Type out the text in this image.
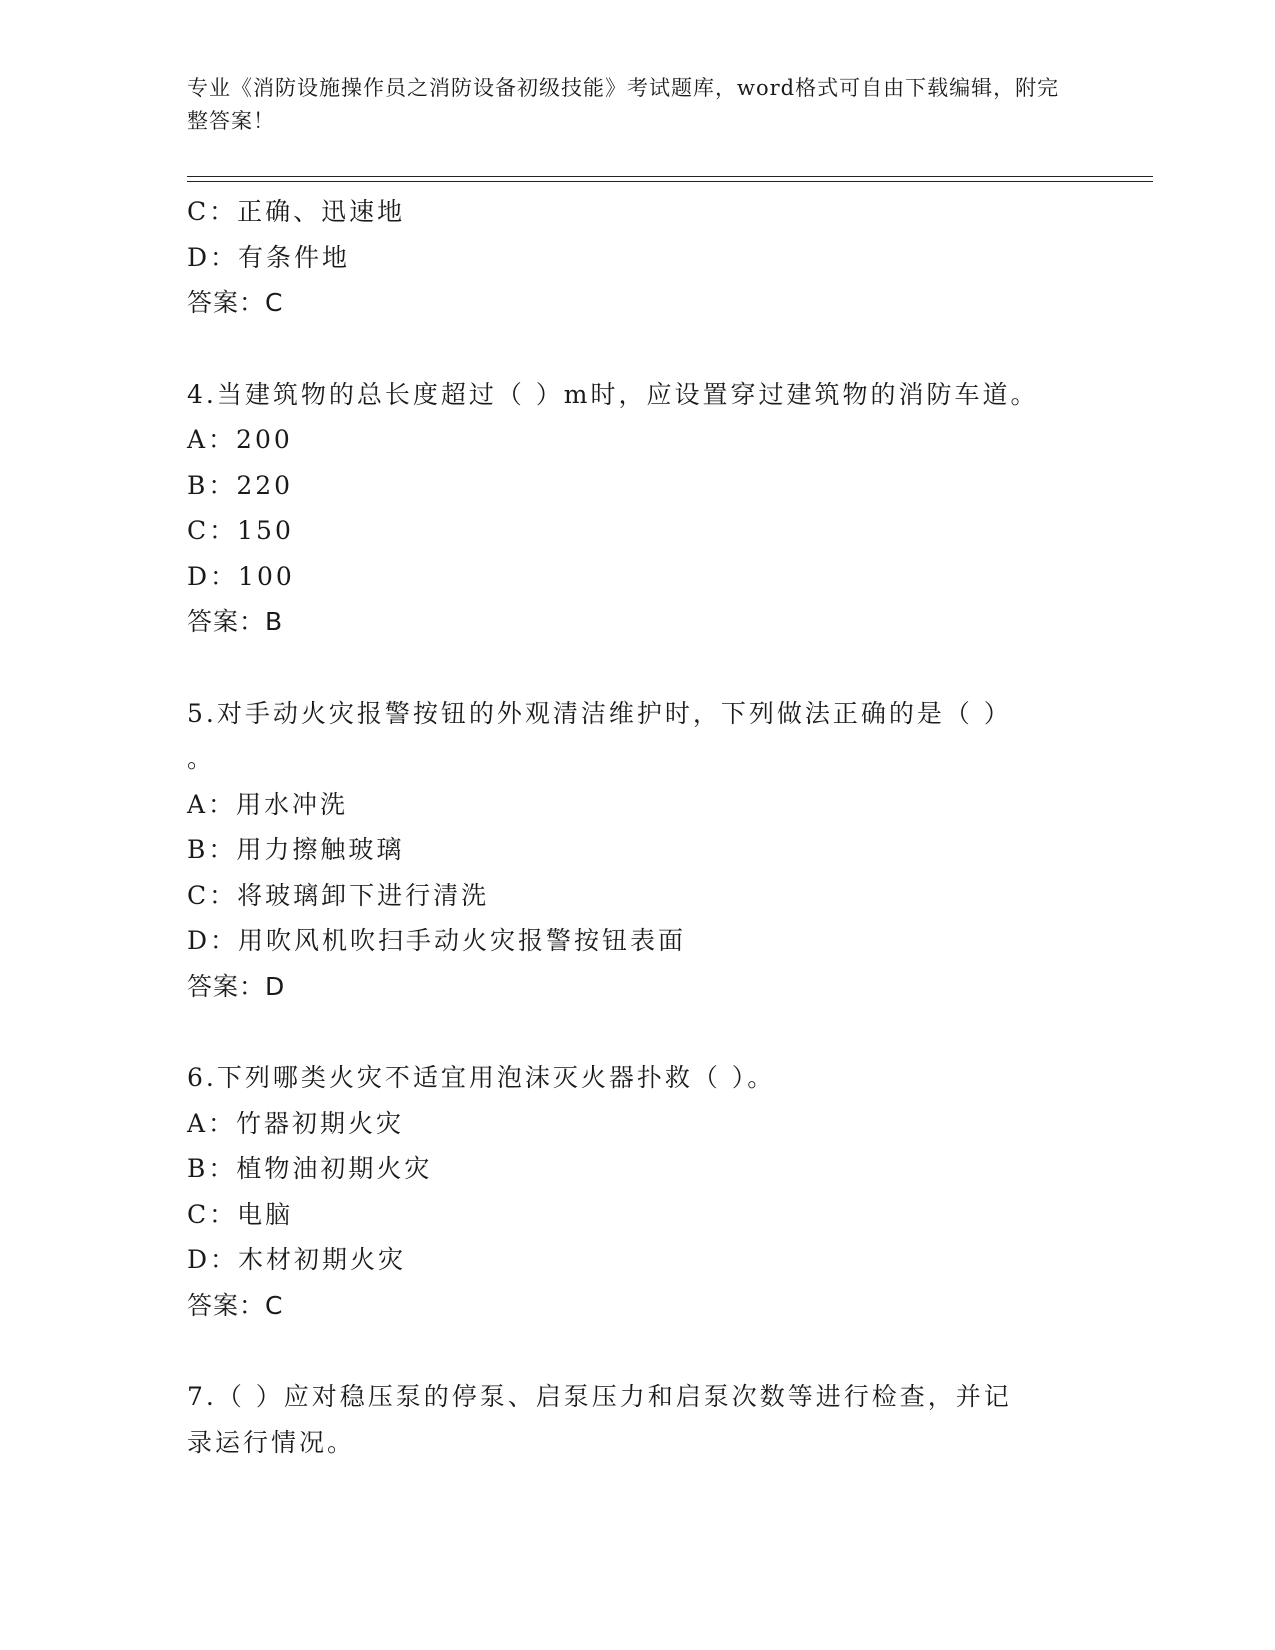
专业《消防设施操作员之消防设备初级技能》考试题库，word格式可自由下载编辑，附完整答案！
C：正确、迅速地
D：有条件地
答案：C
4.当建筑物的总长度超过（ ）m时，应设置穿过建筑物的消防车道。
A：200
B：220
C：150
D：100
答案：B
5.对手动火灾报警按钮的外观清洁维护时，下列做法正确的是（ ）
。
A：用水冲洗
B：用力擦触玻璃
C：将玻璃卸下进行清洗
D：用吹风机吹扫手动火灾报警按钮表面
答案：D
6.下列哪类火灾不适宜用泡沫灭火器扑救（ ）。
A：竹器初期火灾
B：植物油初期火灾
C：电脑
D：木材初期火灾
答案：C
7.（ ）应对稳压泵的停泵、启泵压力和启泵次数等进行检查，并记
录运行情况。
